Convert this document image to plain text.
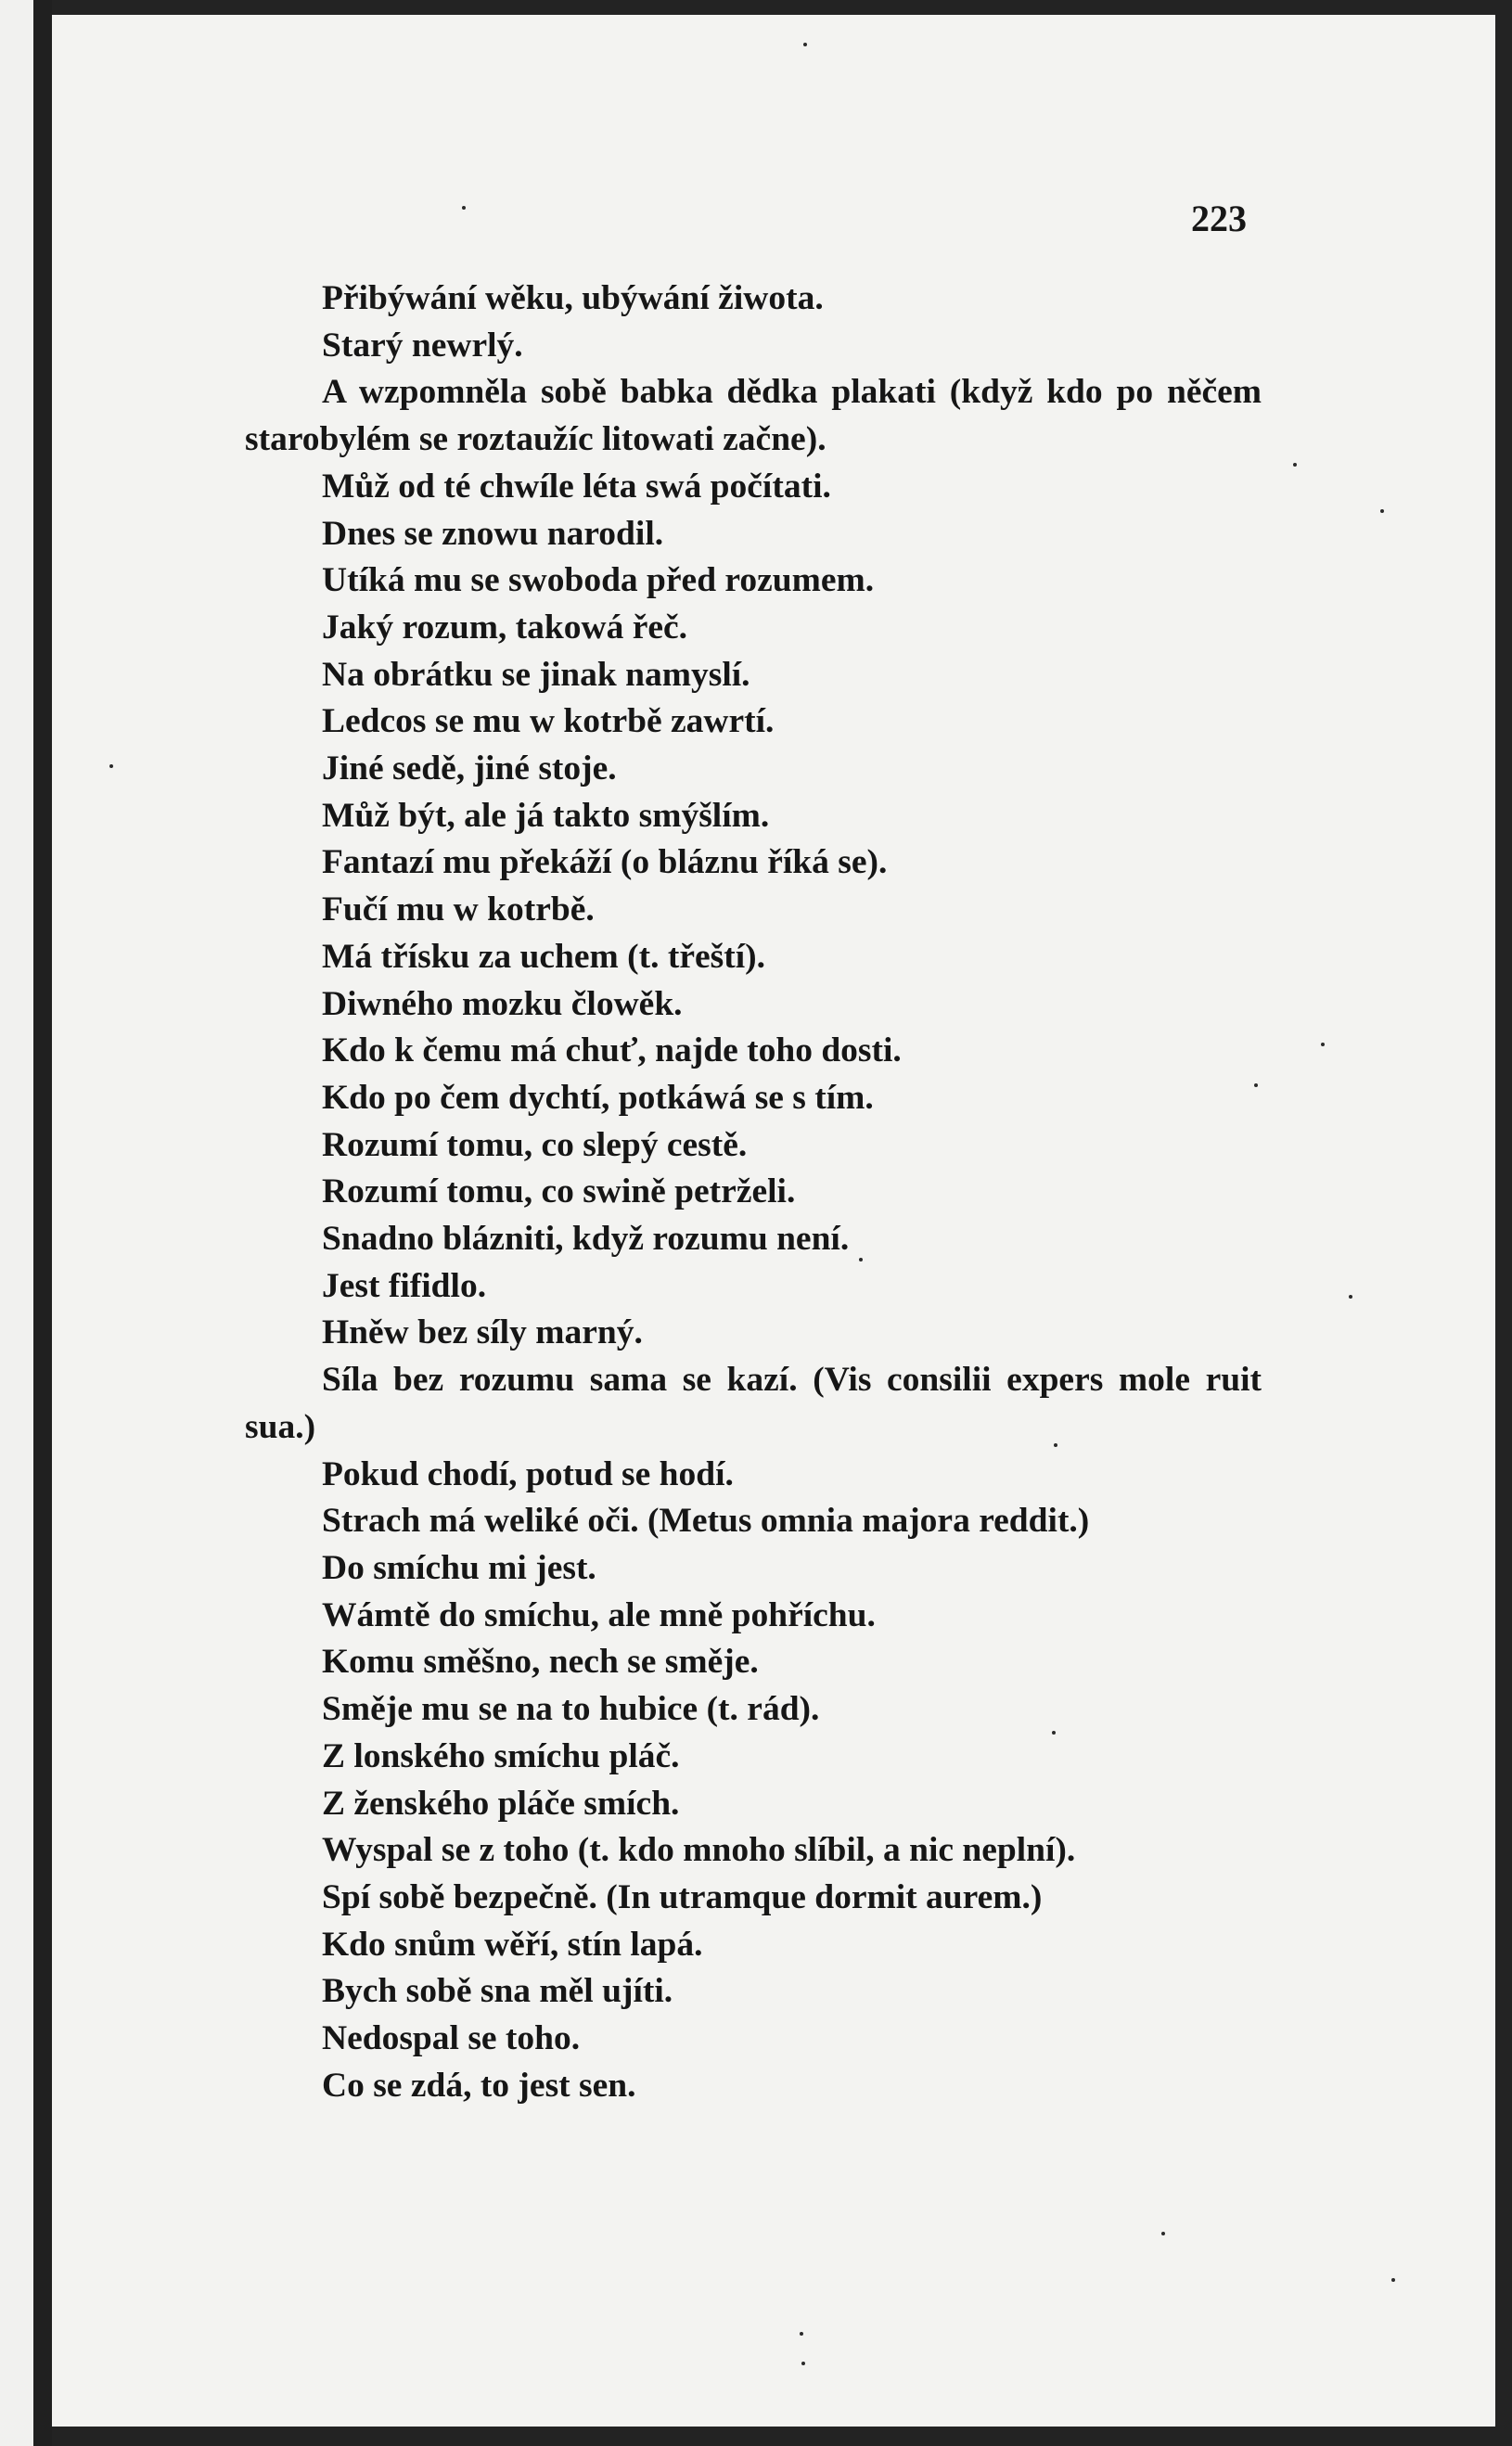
223
Přibýwání wěku, ubýwání žiwota.
Starý newrlý.
A wzpomněla sobě babka dědka plakati (když kdo po něčem starobylém se roztaužíc litowati začne).
Můž od té chwíle léta swá počítati.
Dnes se znowu narodil.
Utíká mu se swoboda před rozumem.
Jaký rozum, takowá řeč.
Na obrátku se jinak namyslí.
Ledcos se mu w kotrbě zawrtí.
Jiné sedě, jiné stoje.
Můž být, ale já takto smýšlím.
Fantazí mu překáží (o bláznu říká se).
Fučí mu w kotrbě.
Má třísku za uchem (t. třeští).
Diwného mozku člowěk.
Kdo k čemu má chuť, najde toho dosti.
Kdo po čem dychtí, potkáwá se s tím.
Rozumí tomu, co slepý cestě.
Rozumí tomu, co swině petrželi.
Snadno blázniti, když rozumu není.
Jest fifidlo.
Hněw bez síly marný.
Síla bez rozumu sama se kazí. (Vis consilii expers mole ruit sua.)
Pokud chodí, potud se hodí.
Strach má weliké oči. (Metus omnia majora reddit.)
Do smíchu mi jest.
Wámtě do smíchu, ale mně pohříchu.
Komu směšno, nech se směje.
Směje mu se na to hubice (t. rád).
Z lonského smíchu pláč.
Z ženského pláče smích.
Wyspal se z toho (t. kdo mnoho slíbil, a nic neplní).
Spí sobě bezpečně. (In utramque dormit aurem.)
Kdo snům wěří, stín lapá.
Bych sobě sna měl ujíti.
Nedospal se toho.
Co se zdá, to jest sen.
